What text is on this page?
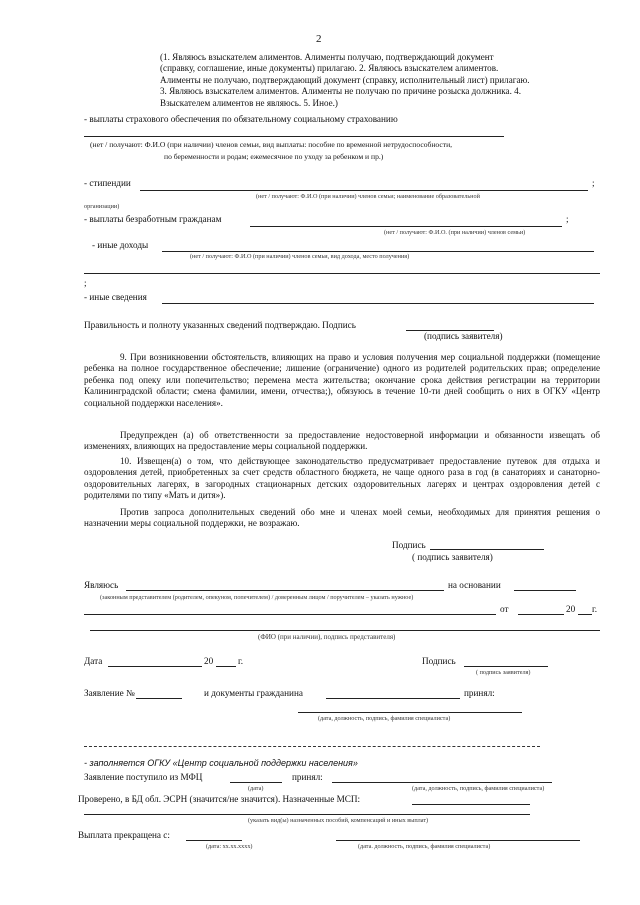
2
(1. Являюсь взыскателем алиментов. Алименты получаю, подтверждающий документ
(справку, соглашение, иные документы) прилагаю. 2. Являюсь взыскателем алиментов.
Алименты не получаю, подтверждающий документ (справку, исполнительный лист) прилагаю.
3. Являюсь взыскателем алиментов. Алименты не получаю по причине розыска должника. 4.
Взыскателем алиментов не являюсь. 5. Иное.)
- выплаты страхового обеспечения по обязательному социальному страхованию
(нет / получают: Ф.И.О (при наличии) членов семьи, вид выплаты: пособие по временной нетрудоспособности,
по беременности и родам; ежемесячное по уходу за ребенком и пр.)
- стипендии	;
(нет / получают: Ф.И.О (при наличии) членов семьи; наименование образовательной
организации)
- выплаты безработным гражданам	;
(нет / получают: Ф.И.О. (при наличии) членов семьи)
- иные доходы
(нет / получают: Ф.И.О (при наличии) членов семьи, вид дохода, место получения)
;
- иные сведения
Правильность и полноту указанных сведений подтверждаю. Подпись
(подпись заявителя)
9. При возникновении обстоятельств, влияющих на право и условия получения мер социальной поддержки (помещение ребенка на полное государственное обеспечение; лишение (ограничение) одного из родителей родительских прав; определение ребенка под опеку или попечительство; перемена места жительства; окончание срока действия регистрации на территории Калининградской области; смена фамилии, имени, отчества;), обязуюсь в течение 10-ти дней сообщить о них в ОГКУ «Центр социальной поддержки населения».
Предупрежден (а) об ответственности за предоставление недостоверной информации и обязанности извещать об изменениях, влияющих на предоставление меры социальной поддержки.
10. Извещен(а) о том, что действующее законодательство предусматривает предоставление путевок для отдыха и оздоровления детей, приобретенных за счет средств областного бюджета, не чаще одного раза в год (в санаториях и санаторно-оздоровительных лагерях, в загородных стационарных детских оздоровительных лагерях и центрах оздоровления детей с родителями по типу «Мать и дитя»).
Против запроса дополнительных сведений обо мне и членах моей семьи, необходимых для принятия решения о назначении меры социальной поддержки, не возражаю.
Подпись
( подпись заявителя)
Являюсь	на основании
(законным представителем (родителем, опекуном, попечителем) / доверенным лицом / поручителем – указать нужное)
от	20 г.
(ФИО (при наличии), подпись представителя)
Дата	20	г.	Подпись
( подпись заявителя)
Заявление №	и документы гражданина	принял:
(дата, должность, подпись, фамилия специалиста)
- заполняется ОГКУ «Центр социальной поддержки населения»
Заявление поступило из МФЦ	принял:
(дата)	(дата, должность, подпись, фамилия специалиста)
Проверено, в БД обл. ЭСРН (значится/не значится). Назначенные МСП:
(указать вид(ы) назначенных пособий, компенсаций и иных выплат)
Выплата прекращена с:
(дата: хх.хх.хххх)	(дата. должность, подпись, фамилия специалиста)
